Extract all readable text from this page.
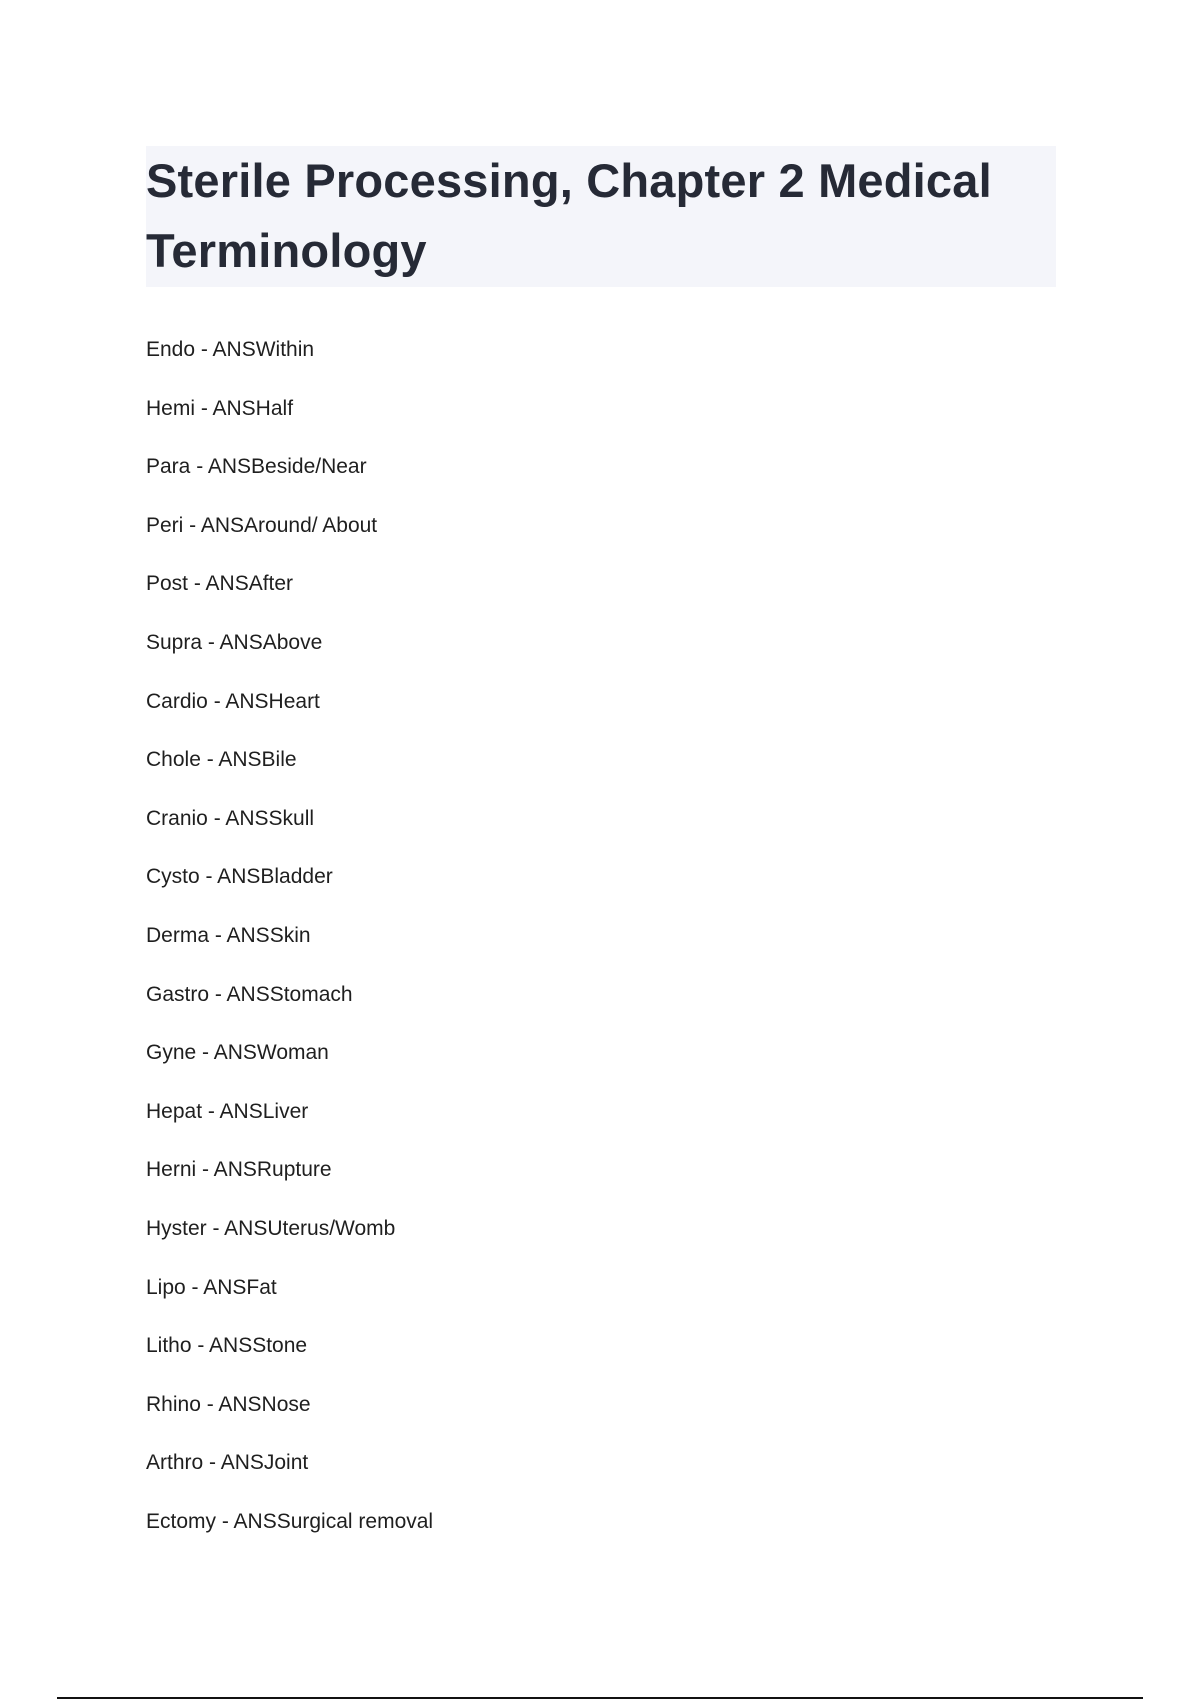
Sterile Processing, Chapter 2 Medical Terminology
Endo - ANSWithin
Hemi - ANSHalf
Para - ANSBeside/Near
Peri - ANSAround/ About
Post - ANSAfter
Supra - ANSAbove
Cardio - ANSHeart
Chole - ANSBile
Cranio - ANSSkull
Cysto - ANSBladder
Derma - ANSSkin
Gastro - ANSStomach
Gyne - ANSWoman
Hepat - ANSLiver
Herni - ANSRupture
Hyster - ANSUterus/Womb
Lipo - ANSFat
Litho - ANSStone
Rhino - ANSNose
Arthro - ANSJoint
Ectomy - ANSSurgical removal
